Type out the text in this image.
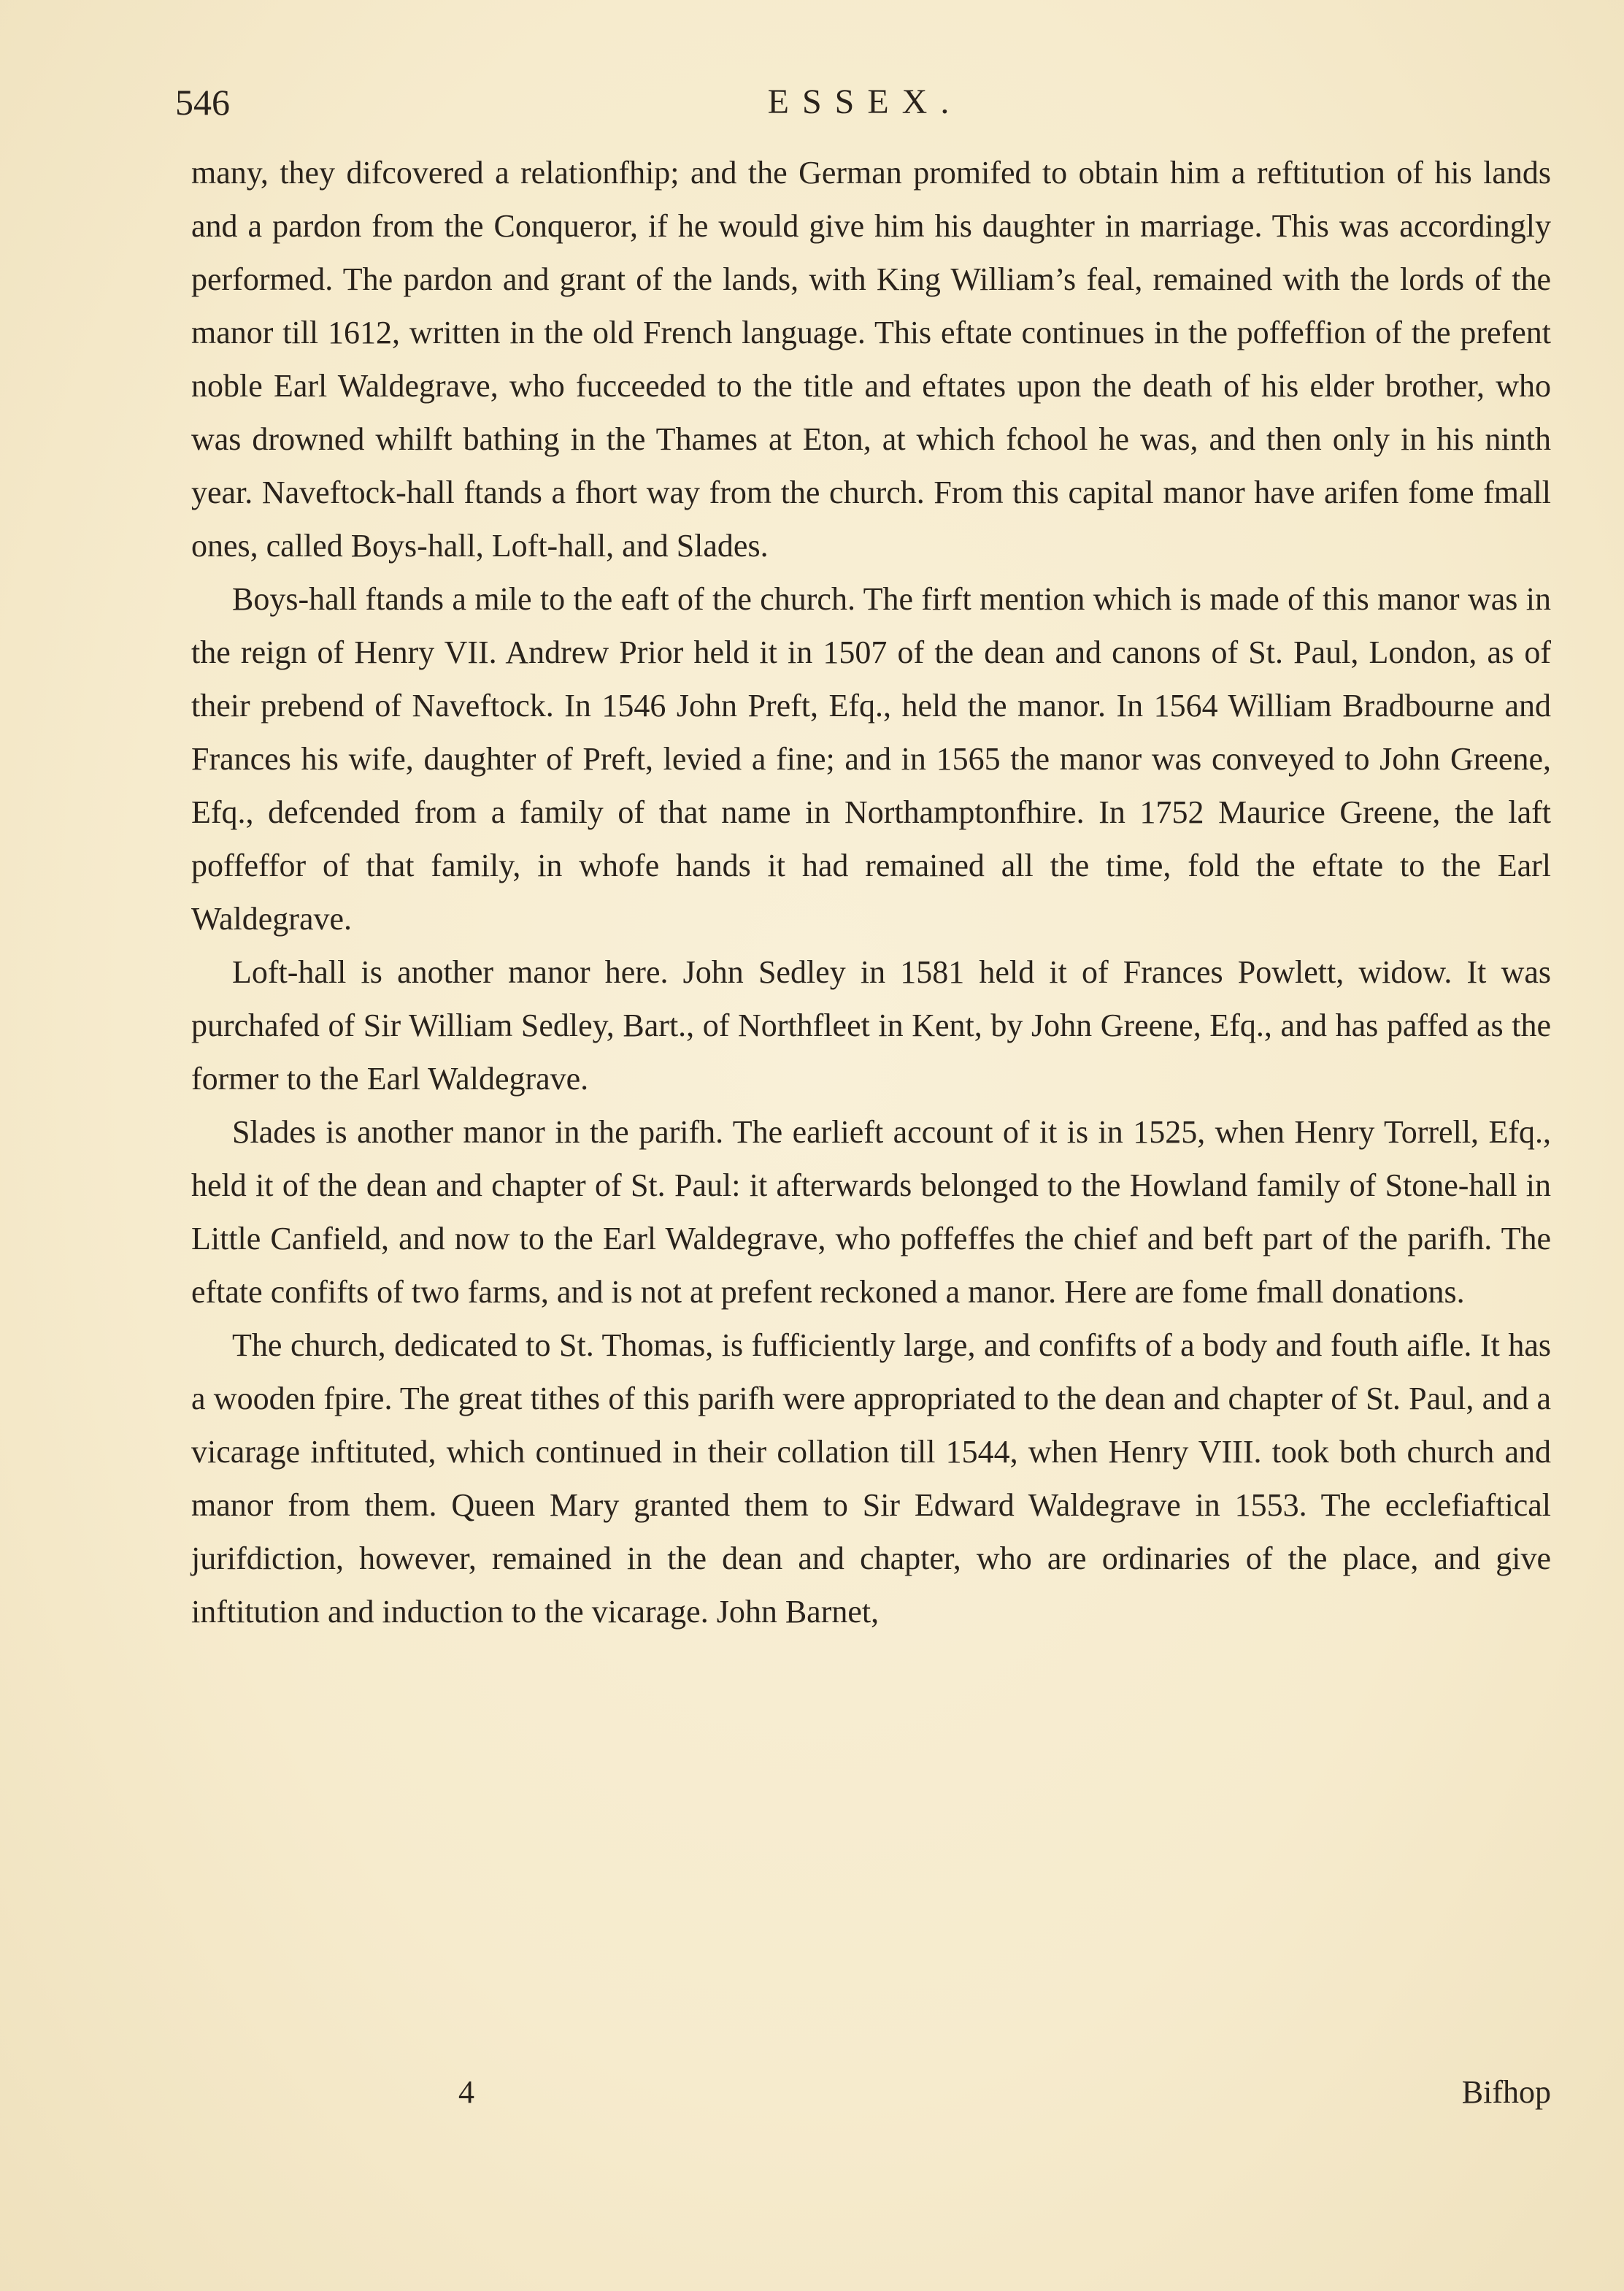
546	ESSEX.

many, they difcovered a relationfhip; and the German promifed to obtain him a reftitution of his lands and a pardon from the Conqueror, if he would give him his daughter in marriage. This was accordingly performed. The pardon and grant of the lands, with King William’s feal, remained with the lords of the manor till 1612, written in the old French language. This eftate continues in the poffeffion of the prefent noble Earl Waldegrave, who fucceeded to the title and eftates upon the death of his elder brother, who was drowned whilft bathing in the Thames at Eton, at which fchool he was, and then only in his ninth year. Naveftock-hall ftands a fhort way from the church. From this capital manor have arifen fome fmall ones, called Boys-hall, Loft-hall, and Slades.

Boys-hall ftands a mile to the eaft of the church. The firft mention which is made of this manor was in the reign of Henry VII. Andrew Prior held it in 1507 of the dean and canons of St. Paul, London, as of their prebend of Naveftock. In 1546 John Preft, Efq., held the manor. In 1564 William Bradbourne and Frances his wife, daughter of Preft, levied a fine; and in 1565 the manor was conveyed to John Greene, Efq., defcended from a family of that name in Northamptonfhire. In 1752 Maurice Greene, the laft poffeffor of that family, in whofe hands it had remained all the time, fold the eftate to the Earl Waldegrave.

Loft-hall is another manor here. John Sedley in 1581 held it of Frances Powlett, widow. It was purchafed of Sir William Sedley, Bart., of Northfleet in Kent, by John Greene, Efq., and has paffed as the former to the Earl Waldegrave.

Slades is another manor in the parifh. The earlieft account of it is in 1525, when Henry Torrell, Efq., held it of the dean and chapter of St. Paul: it afterwards belonged to the Howland family of Stone-hall in Little Canfield, and now to the Earl Waldegrave, who poffeffes the chief and beft part of the parifh. The eftate confifts of two farms, and is not at prefent reckoned a manor. Here are fome fmall donations.

The church, dedicated to St. Thomas, is fufficiently large, and confifts of a body and fouth aifle. It has a wooden fpire. The great tithes of this parifh were appropriated to the dean and chapter of St. Paul, and a vicarage inftituted, which continued in their collation till 1544, when Henry VIII. took both church and manor from them. Queen Mary granted them to Sir Edward Waldegrave in 1553. The ecclefiaftical jurifdiction, however, remained in the dean and chapter, who are ordinaries of the place, and give inftitution and induction to the vicarage. John Barnet,

4	Bifhop
